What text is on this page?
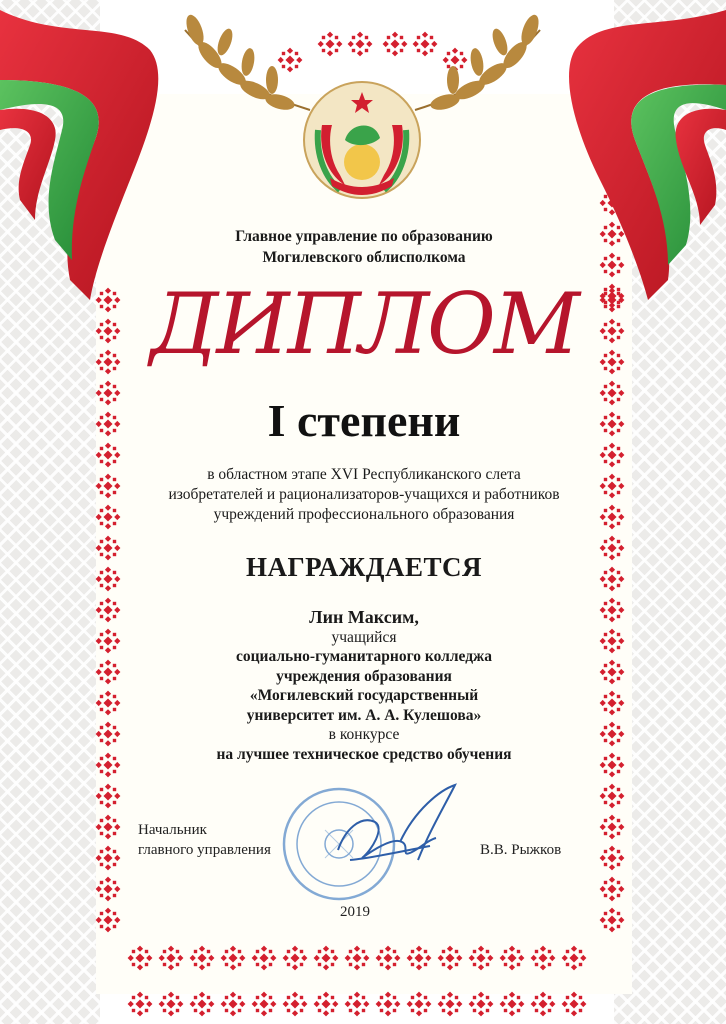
Главное управление по образованию
Могилевского облисполкома
ДИПЛОМ
I степени
в областном этапе XVI Республиканского слета
изобретателей и рационализаторов-учащихся и работников
учреждений профессионального образования
НАГРАЖДАЕТСЯ
Лин Максим,
учащийся
социально-гуманитарного колледжа
учреждения образования
«Могилевский государственный
университет им. А. А. Кулешова»
в конкурсе
на лучшее техническое средство обучения
Начальник
главного управления	В.В. Рыжков
2019
